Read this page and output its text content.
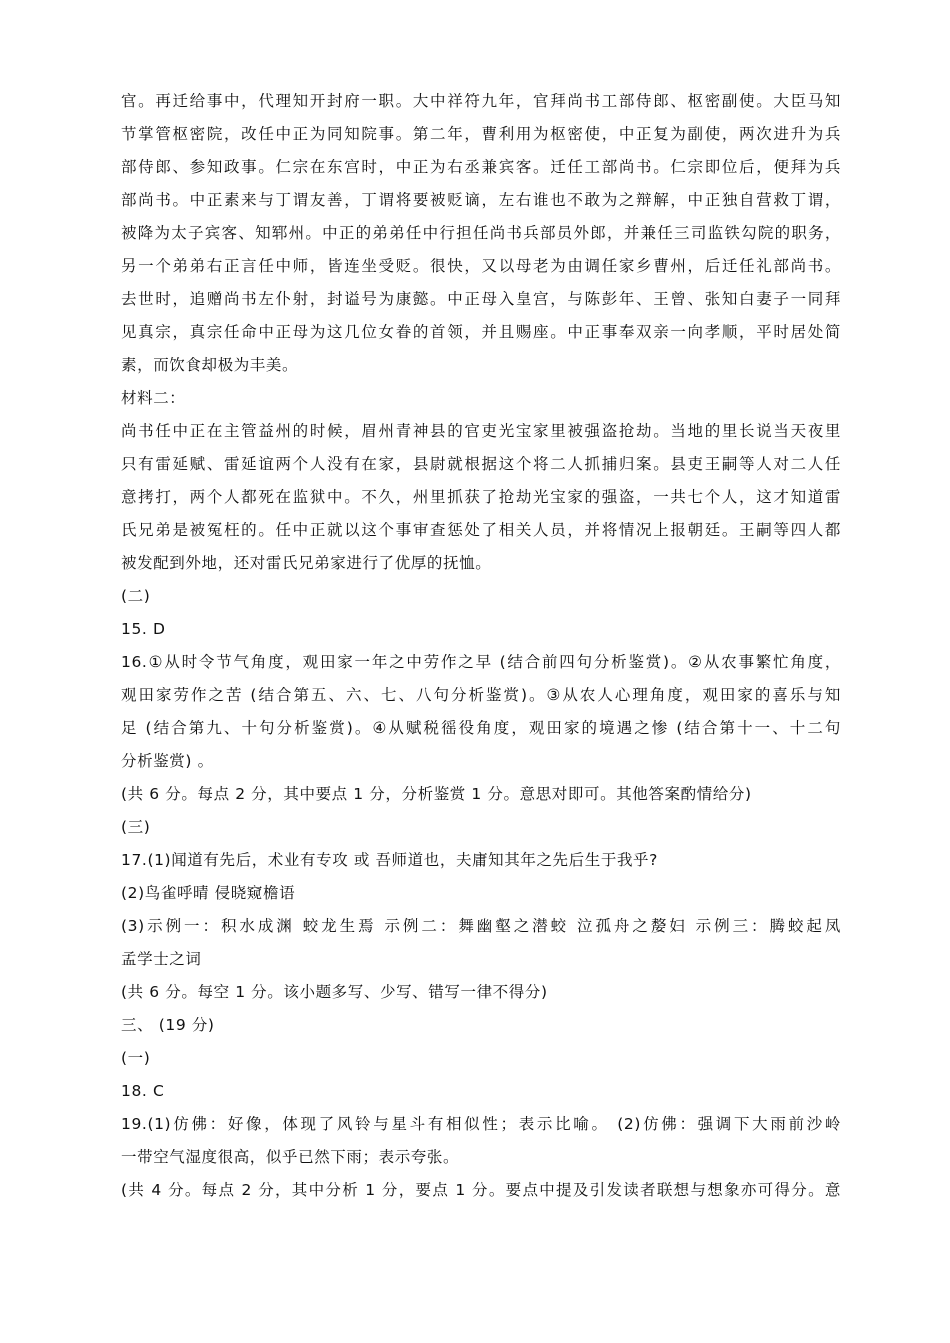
官。再迁给事中，代理知开封府一职。大中祥符九年，官拜尚书工部侍郎、枢密副使。大臣马知
节掌管枢密院，改任中正为同知院事。第二年，曹利用为枢密使，中正复为副使，两次进升为兵
部侍郎、参知政事。仁宗在东宫时，中正为右丞兼宾客。迁任工部尚书。仁宗即位后，便拜为兵
部尚书。中正素来与丁谓友善，丁谓将要被贬谪，左右谁也不敢为之辩解，中正独自营救丁谓，
被降为太子宾客、知郓州。中正的弟弟任中行担任尚书兵部员外郎，并兼任三司监铁勾院的职务，
另一个弟弟右正言任中师，皆连坐受贬。很快，又以母老为由调任家乡曹州，后迁任礼部尚书。
去世时，追赠尚书左仆射，封谥号为康懿。中正母入皇宫，与陈彭年、王曾、张知白妻子一同拜
见真宗，真宗任命中正母为这几位女眷的首领，并且赐座。中正事奉双亲一向孝顺，平时居处简
素，而饮食却极为丰美。
材料二：
尚书任中正在主管益州的时候，眉州青神县的官吏光宝家里被强盗抢劫。当地的里长说当天夜里
只有雷延赋、雷延谊两个人没有在家，县尉就根据这个将二人抓捕归案。县吏王嗣等人对二人任
意拷打，两个人都死在监狱中。不久，州里抓获了抢劫光宝家的强盗，一共七个人，这才知道雷
氏兄弟是被冤枉的。任中正就以这个事审查惩处了相关人员，并将情况上报朝廷。王嗣等四人都
被发配到外地，还对雷氏兄弟家进行了优厚的抚恤。
(二)
15. D
16.①从时令节气角度，观田家一年之中劳作之早 (结合前四句分析鉴赏)。②从农事繁忙角度，
观田家劳作之苦 (结合第五、六、七、八句分析鉴赏)。③从农人心理角度，观田家的喜乐与知
足 (结合第九、十句分析鉴赏)。④从赋税徭役角度，观田家的境遇之惨 (结合第十一、十二句
分析鉴赏) 。
(共 6 分。每点 2 分，其中要点 1 分，分析鉴赏 1 分。意思对即可。其他答案酌情给分)
(三)
17.(1)闻道有先后，术业有专攻 或 吾师道也，夫庸知其年之先后生于我乎?
(2)鸟雀呼晴 侵晓窥檐语
(3)示例一：积水成渊 蛟龙生焉 示例二：舞幽壑之潜蛟 泣孤舟之嫠妇 示例三：腾蛟起凤
孟学士之词
(共 6 分。每空 1 分。该小题多写、少写、错写一律不得分)
三、 (19 分)
(一)
18. C
19.(1)仿佛：好像，体现了风铃与星斗有相似性；表示比喻。 (2)仿佛：强调下大雨前沙岭
一带空气湿度很高，似乎已然下雨；表示夸张。
(共 4 分。每点 2 分，其中分析 1 分，要点 1 分。要点中提及引发读者联想与想象亦可得分。意
